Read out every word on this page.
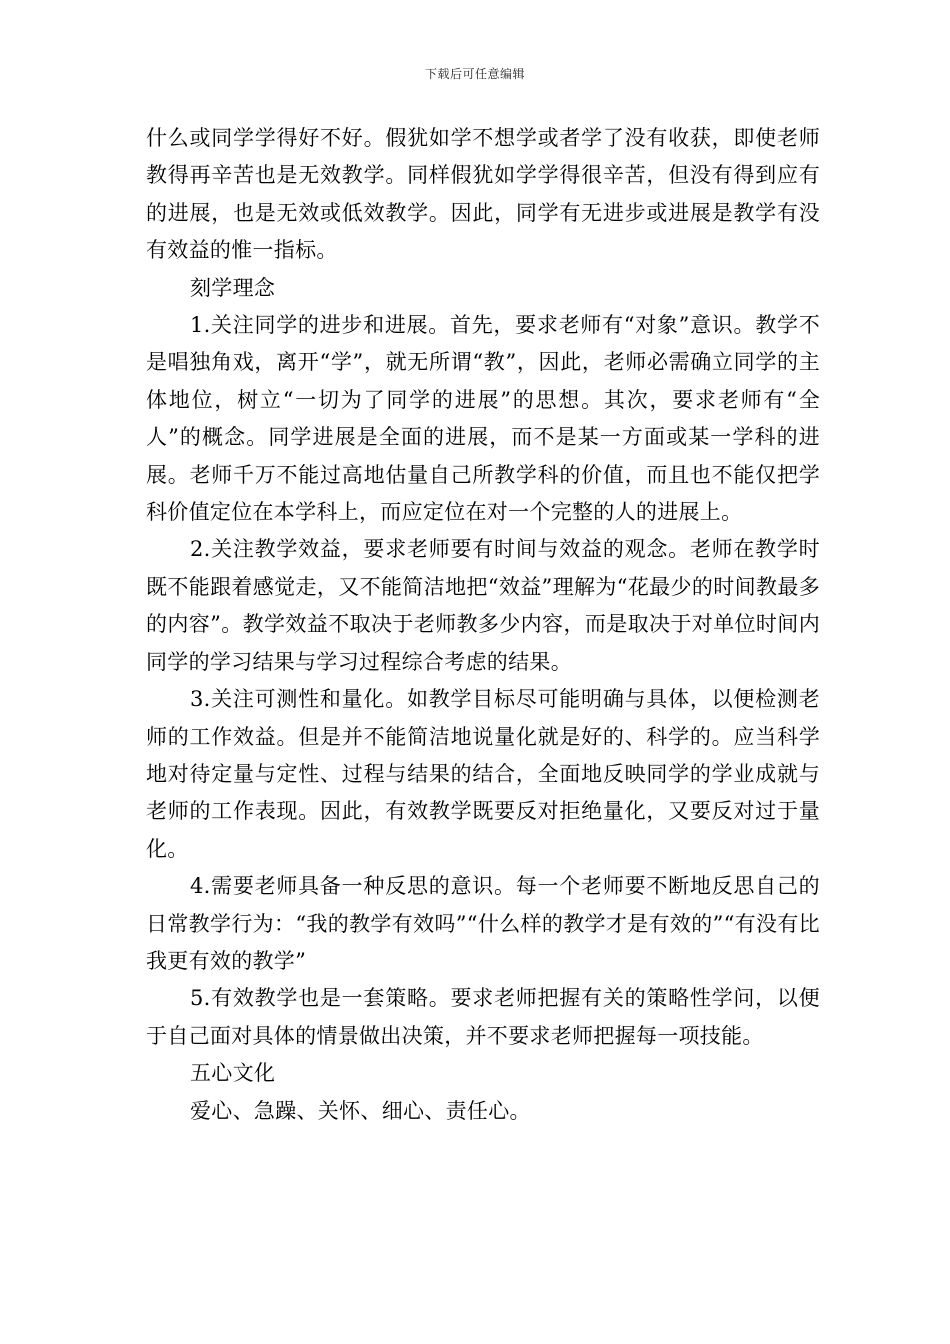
下载后可任意编辑

什么或同学学得好不好。假犹如学不想学或者学了没有收获，即使老师教得再辛苦也是无效教学。同样假犹如学学得很辛苦，但没有得到应有的进展，也是无效或低效教学。因此，同学有无进步或进展是教学有没有效益的惟一指标。

刻学理念

1.关注同学的进步和进展。首先，要求老师有“对象”意识。教学不是唱独角戏，离开“学”，就无所谓“教”，因此，老师必需确立同学的主体地位，树立“一切为了同学的进展”的思想。其次，要求老师有“全人”的概念。同学进展是全面的进展，而不是某一方面或某一学科的进展。老师千万不能过高地估量自己所教学科的价值，而且也不能仅把学科价值定位在本学科上，而应定位在对一个完整的人的进展上。

2.关注教学效益，要求老师要有时间与效益的观念。老师在教学时既不能跟着感觉走，又不能简洁地把“效益”理解为“花最少的时间教最多的内容”。教学效益不取决于老师教多少内容，而是取决于对单位时间内同学的学习结果与学习过程综合考虑的结果。

3.关注可测性和量化。如教学目标尽可能明确与具体，以便检测老师的工作效益。但是并不能简洁地说量化就是好的、科学的。应当科学地对待定量与定性、过程与结果的结合，全面地反映同学的学业成就与老师的工作表现。因此，有效教学既要反对拒绝量化，又要反对过于量化。

4.需要老师具备一种反思的意识。每一个老师要不断地反思自己的日常教学行为：“我的教学有效吗”“什么样的教学才是有效的”“有没有比我更有效的教学”

5.有效教学也是一套策略。要求老师把握有关的策略性学问，以便于自己面对具体的情景做出决策，并不要求老师把握每一项技能。

五心文化

爱心、急躁、关怀、细心、责任心。
